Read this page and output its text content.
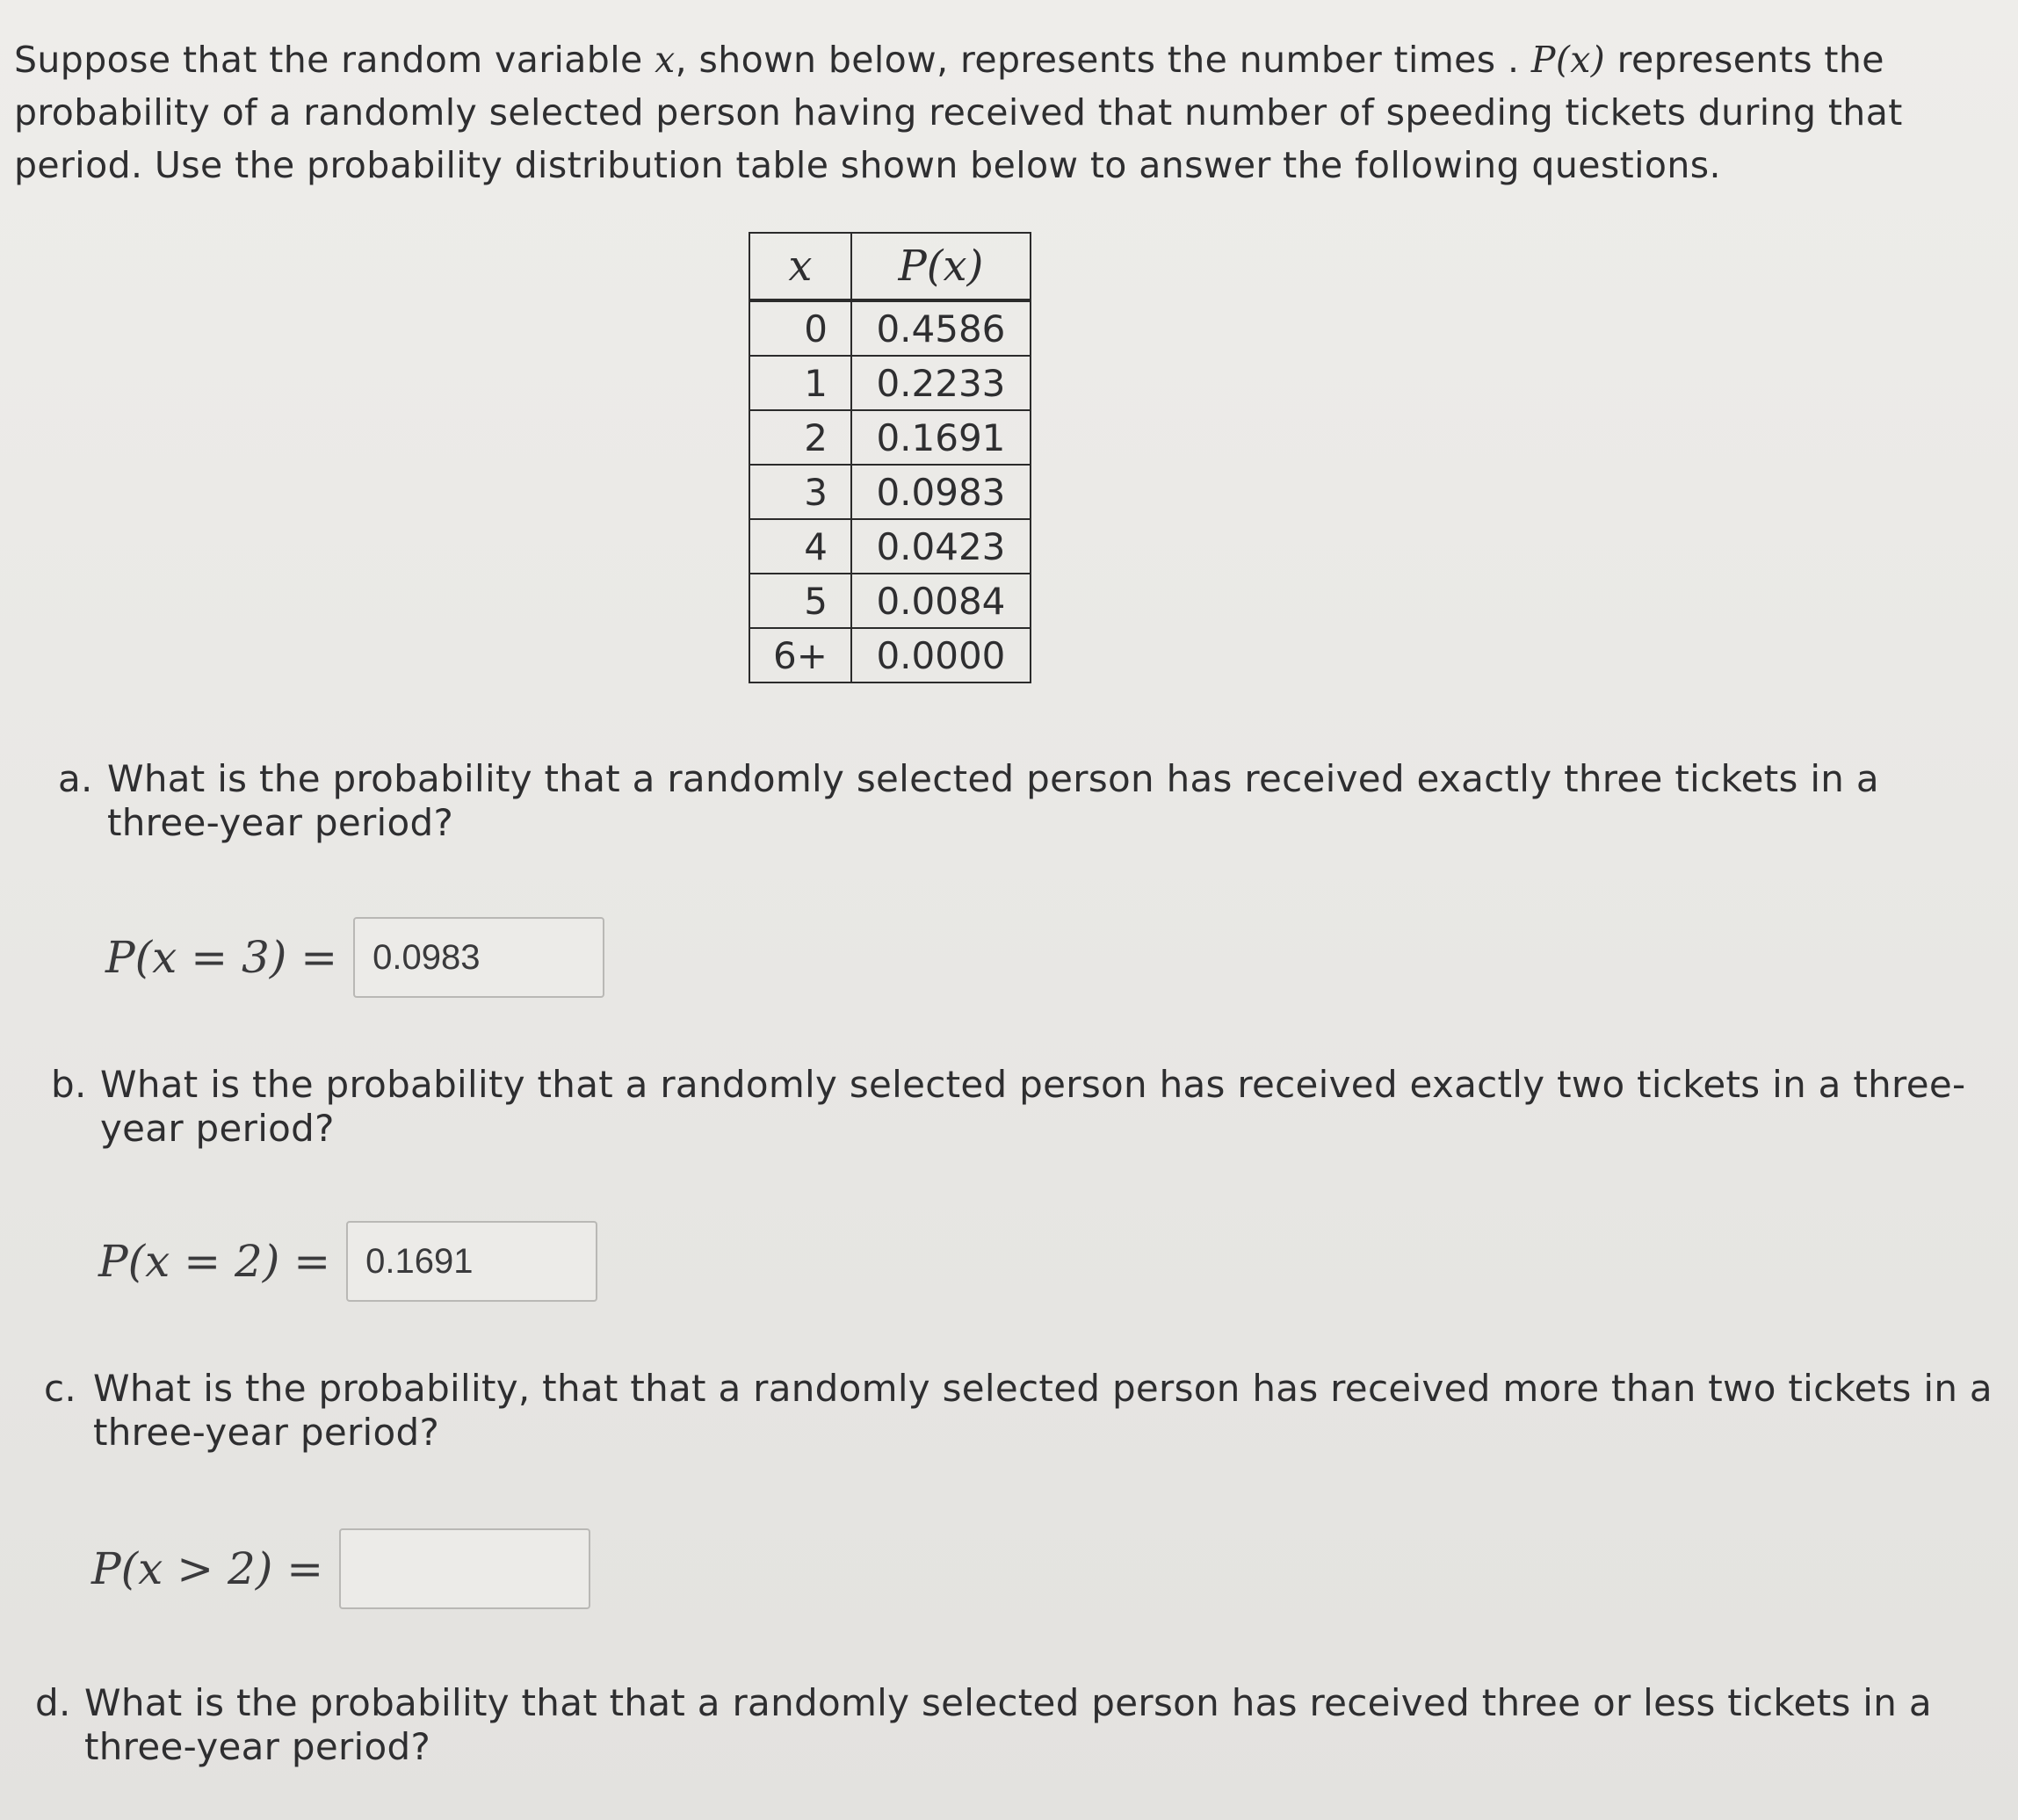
Suppose that the random variable x, shown below, represents the number times . P(x) represents the probability of a randomly selected person having received that number of speeding tickets during that period. Use the probability distribution table shown below to answer the following questions.
x	P(x)
0	0.4586
1	0.2233
2	0.1691
3	0.0983
4	0.0423
5	0.0084
6+	0.0000
a. What is the probability that a randomly selected person has received exactly three tickets in a
three-year period?
P(x = 3) =
0.0983
b. What is the probability that a randomly selected person has received exactly two tickets in a three-
year period?
P(x = 2) =
0.1691
c. What is the probability, that that a randomly selected person has received more than two tickets in a
three-year period?
P(x > 2) =
d. What is the probability that that a randomly selected person has received three or less tickets in a
three-year period?
